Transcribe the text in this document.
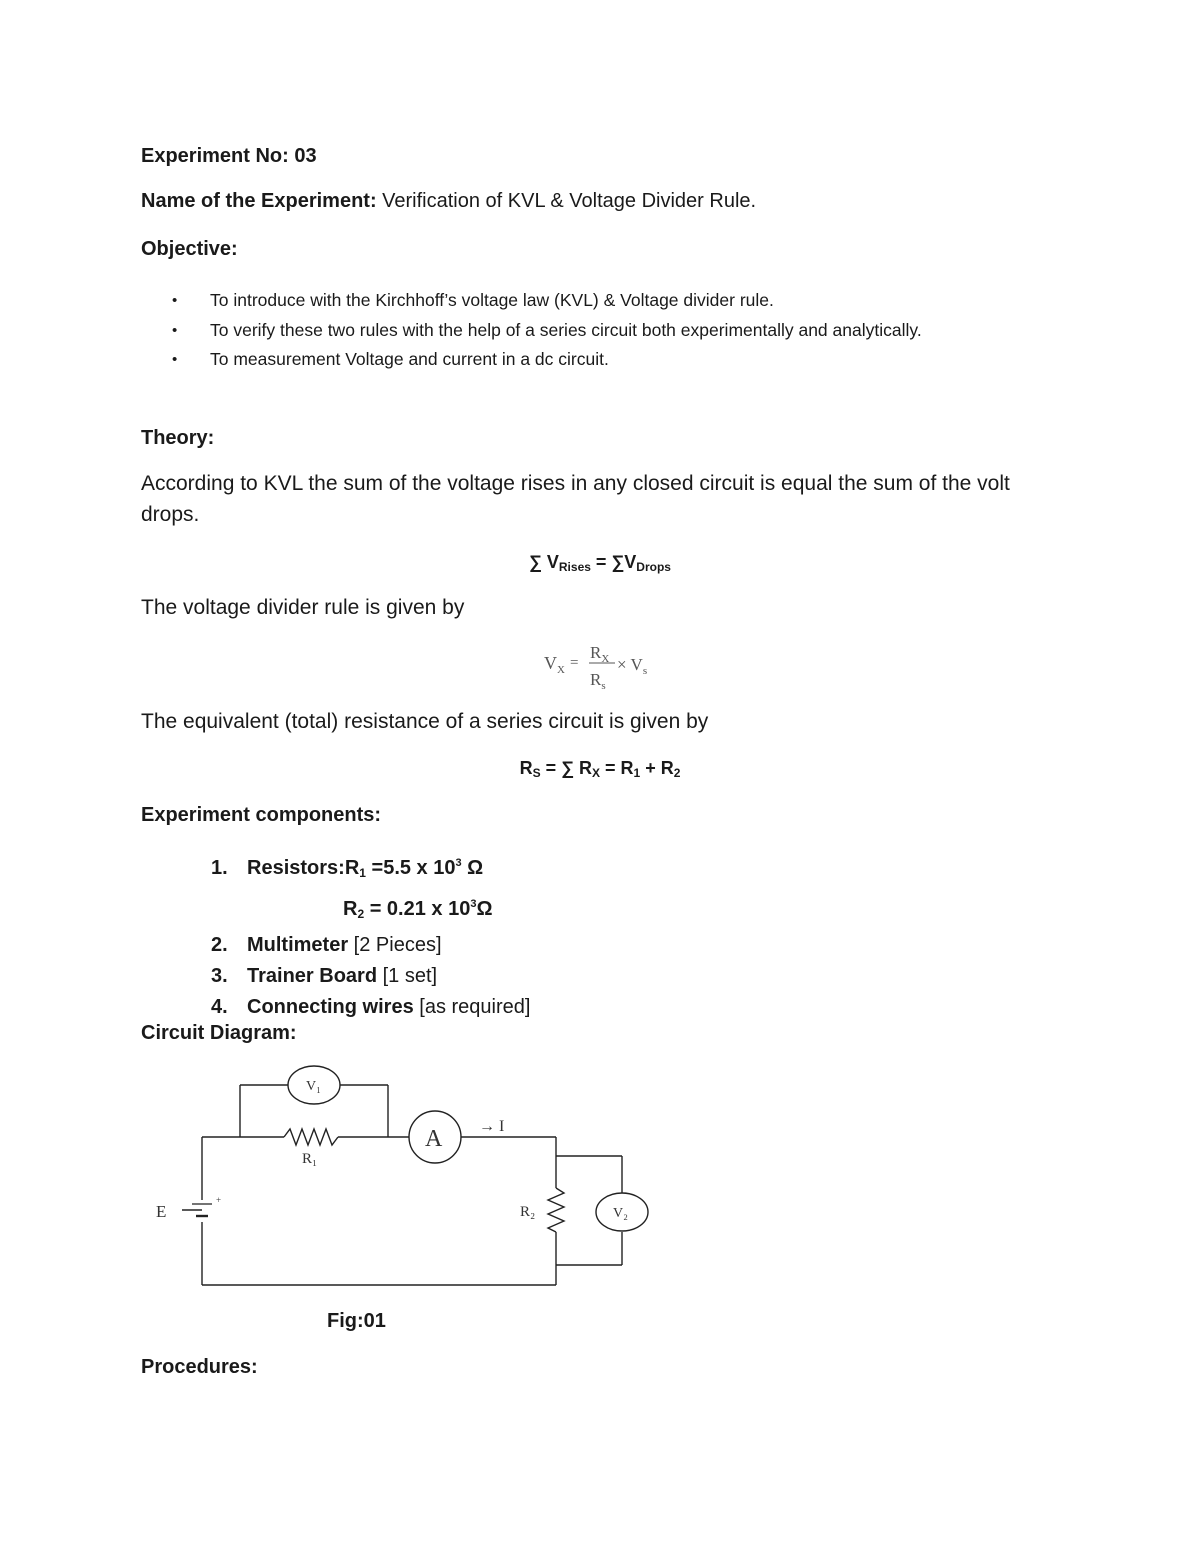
Experiment No: 03
Name of the Experiment: Verification of KVL & Voltage Divider Rule.
Objective:
• To introduce with the Kirchhoff’s voltage law (KVL) & Voltage divider rule.
• To verify these two rules with the help of a series circuit both experimentally and analytically.
• To measurement Voltage and current in a dc circuit.
Theory:
According to KVL the sum of the voltage rises in any closed circuit is equal the sum of the volt
drops.
∑ $V_{Rises} = \sum V_{Drops}$
The voltage divider rule is given by
$V_X$ =
$R_X$
$R_s$
× $V_s$
The equivalent (total) resistance of a series circuit is given by
$R_S$ = ∑ $R_X = R_1 + R_2$
Experiment components:
1. $Resistors:R_1 =5.5$ x $10^3$ Ω
$R_2 = 0.21$ x $10^3\Omega$
2. Multimeter [2 Pieces]
3. Trainer Board [1 set]
4. Connecting wires [as required]
Circuit Diagram:
V₁
A → I
R₁
E
+
R₂	V₂
Fig:01
Procedures:
